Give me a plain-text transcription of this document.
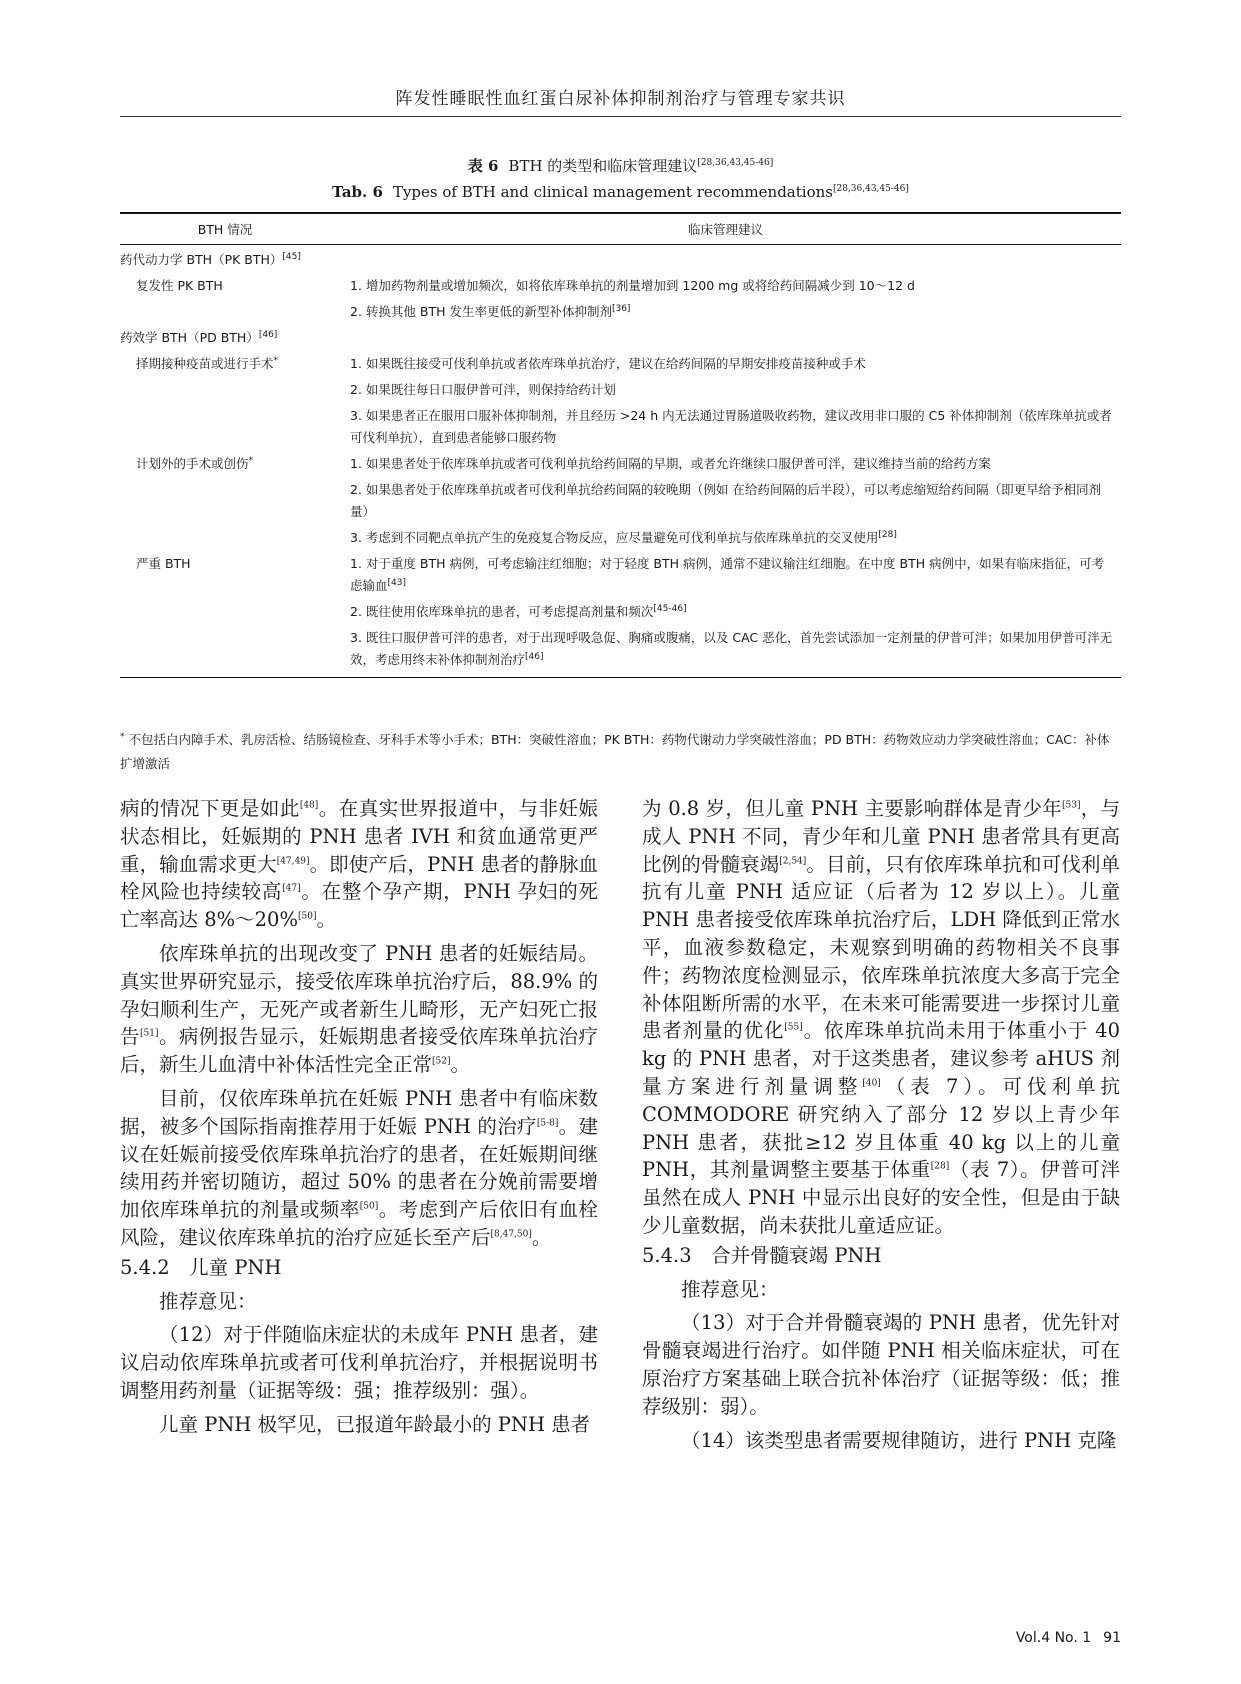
阵发性睡眠性血红蛋白尿补体抑制剂治疗与管理专家共识
表 6 BTH 的类型和临床管理建议[28,36,43,45-46]
Tab. 6 Types of BTH and clinical management recommendations[28,36,43,45-46]
BTH 情况	临床管理建议
药代动力学 BTH（PK BTH）[45]
复发性 PK BTH	1. 增加药物剂量或增加频次，如将依库珠单抗的剂量增加到 1200 mg 或将给药间隔减少到 10～12 d
2. 转换其他 BTH 发生率更低的新型补体抑制剂[36]
药效学 BTH（PD BTH）[46]
择期接种疫苗或进行手术*	1. 如果既往接受可伐利单抗或者依库珠单抗治疗，建议在给药间隔的早期安排疫苗接种或手术
2. 如果既往每日口服伊普可泮，则保持给药计划
3. 如果患者正在服用口服补体抑制剂，并且经历 >24 h 内无法通过胃肠道吸收药物，建议改用非口服的 C5 补体抑制剂（依库珠单抗或者可伐利单抗），直到患者能够口服药物
计划外的手术或创伤*	1. 如果患者处于依库珠单抗或者可伐利单抗给药间隔的早期，或者允许继续口服伊普可泮，建议维持当前的给药方案
2. 如果患者处于依库珠单抗或者可伐利单抗给药间隔的较晚期（例如 在给药间隔的后半段），可以考虑缩短给药间隔（即更早给予相同剂量）
3. 考虑到不同靶点单抗产生的免疫复合物反应，应尽量避免可伐利单抗与依库珠单抗的交叉使用[28]
严重 BTH	1. 对于重度 BTH 病例，可考虑输注红细胞；对于轻度 BTH 病例，通常不建议输注红细胞。在中度 BTH 病例中，如果有临床指征，可考虑输血[43]
2. 既往使用依库珠单抗的患者，可考虑提高剂量和频次[45-46]
3. 既往口服伊普可泮的患者，对于出现呼吸急促、胸痛或腹痛，以及 CAC 恶化，首先尝试添加一定剂量的伊普可泮；如果加用伊普可泮无效，考虑用终末补体抑制剂治疗[46]
* 不包括白内障手术、乳房活检、结肠镜检查、牙科手术等小手术；BTH：突破性溶血；PK BTH：药物代谢动力学突破性溶血；PD BTH：药物效应动力学突破性溶血；CAC：补体扩增激活

病的情况下更是如此[48]。在真实世界报道中，与非妊娠状态相比，妊娠期的 PNH 患者 IVH 和贫血通常更严重，输血需求更大[47,49]。即使产后，PNH 患者的静脉血栓风险也持续较高[47]。在整个孕产期，PNH 孕妇的死亡率高达 8%～20%[50]。

依库珠单抗的出现改变了 PNH 患者的妊娠结局。真实世界研究显示，接受依库珠单抗治疗后，88.9% 的孕妇顺利生产，无死产或者新生儿畸形，无产妇死亡报告[51]。病例报告显示，妊娠期患者接受依库珠单抗治疗后，新生儿血清中补体活性完全正常[52]。

目前，仅依库珠单抗在妊娠 PNH 患者中有临床数据，被多个国际指南推荐用于妊娠 PNH 的治疗[5-8]。建议在妊娠前接受依库珠单抗治疗的患者，在妊娠期间继续用药并密切随访，超过 50% 的患者在分娩前需要增加依库珠单抗的剂量或频率[50]。考虑到产后依旧有血栓风险，建议依库珠单抗的治疗应延长至产后[8,47,50]。

5.4.2　儿童 PNH

推荐意见：

（12）对于伴随临床症状的未成年 PNH 患者，建议启动依库珠单抗或者可伐利单抗治疗，并根据说明书调整用药剂量（证据等级：强；推荐级别：强）。

儿童 PNH 极罕见，已报道年龄最小的 PNH 患者

为 0.8 岁，但儿童 PNH 主要影响群体是青少年[53]，与成人 PNH 不同，青少年和儿童 PNH 患者常具有更高比例的骨髓衰竭[2,54]。目前，只有依库珠单抗和可伐利单抗有儿童 PNH 适应证（后者为 12 岁以上）。儿童 PNH 患者接受依库珠单抗治疗后，LDH 降低到正常水平，血液参数稳定，未观察到明确的药物相关不良事件；药物浓度检测显示，依库珠单抗浓度大多高于完全补体阻断所需的水平，在未来可能需要进一步探讨儿童患者剂量的优化[55]。依库珠单抗尚未用于体重小于 40 kg 的 PNH 患者，对于这类患者，建议参考 aHUS 剂量方案进行剂量调整[40]（表 7）。可伐利单抗 COMMODORE 研究纳入了部分 12 岁以上青少年 PNH 患者，获批≥12 岁且体重 40 kg 以上的儿童 PNH，其剂量调整主要基于体重[28]（表 7）。伊普可泮虽然在成人 PNH 中显示出良好的安全性，但是由于缺少儿童数据，尚未获批儿童适应证。

5.4.3　合并骨髓衰竭 PNH

推荐意见：

（13）对于合并骨髓衰竭的 PNH 患者，优先针对骨髓衰竭进行治疗。如伴随 PNH 相关临床症状，可在原治疗方案基础上联合抗补体治疗（证据等级：低；推荐级别：弱）。

（14）该类型患者需要规律随访，进行 PNH 克隆

Vol.4 No. 1 91
